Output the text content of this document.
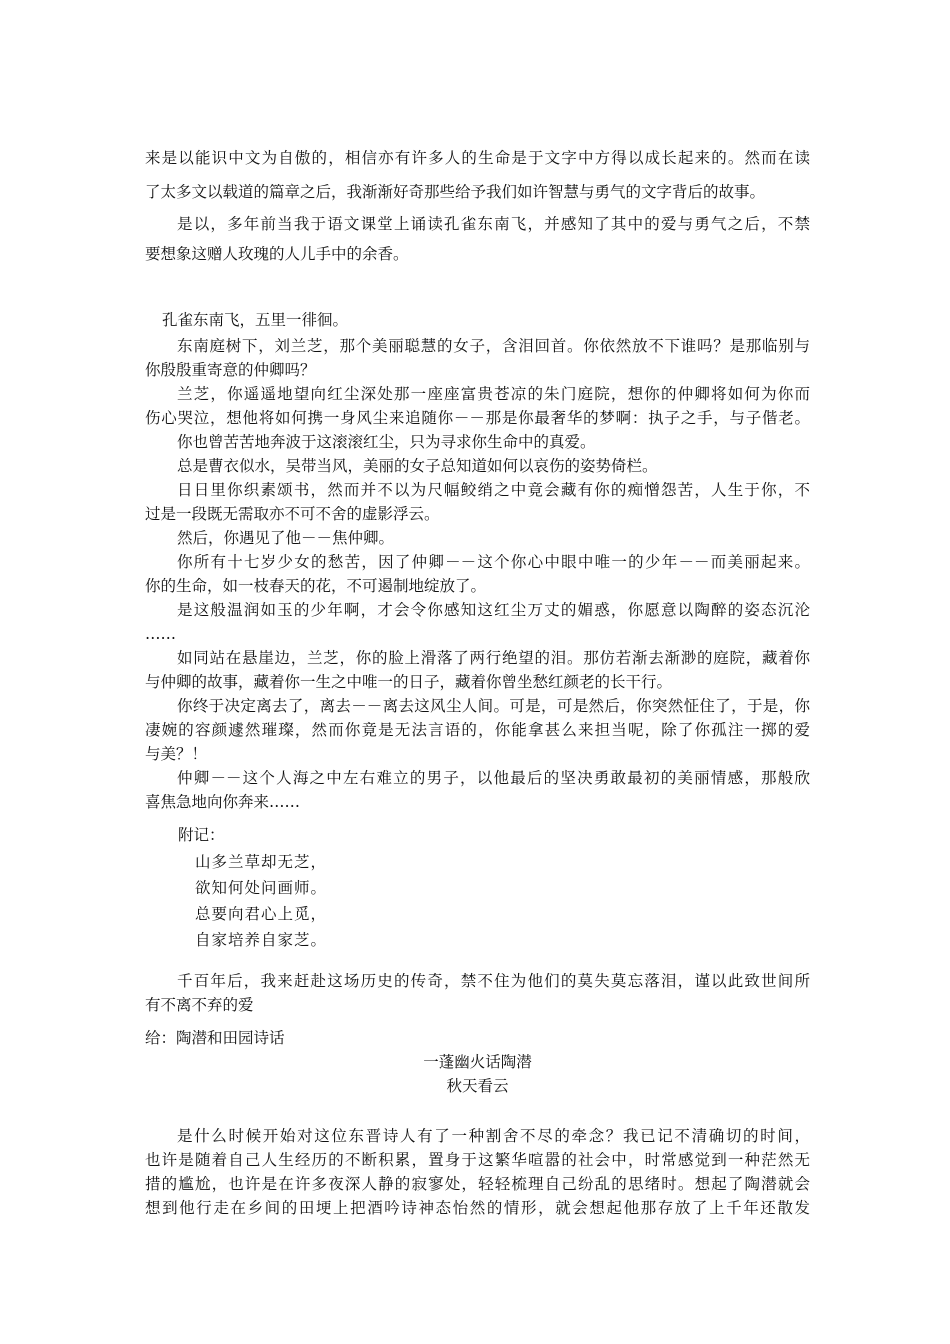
来是以能识中文为自傲的，相信亦有许多人的生命是于文字中方得以成长起来的。然而在读
了太多文以载道的篇章之后，我渐渐好奇那些给予我们如许智慧与勇气的文字背后的故事。
是以，多年前当我于语文课堂上诵读孔雀东南飞，并感知了其中的爱与勇气之后，不禁
要想象这赠人玫瑰的人儿手中的余香。
孔雀东南飞，五里一徘徊。
东南庭树下，刘兰芝，那个美丽聪慧的女子，含泪回首。你依然放不下谁吗？是那临别与
你殷殷重寄意的仲卿吗？
兰芝，你遥遥地望向红尘深处那一座座富贵苍凉的朱门庭院，想你的仲卿将如何为你而
伤心哭泣，想他将如何携一身风尘来追随你－－那是你最奢华的梦啊：执子之手，与子偕老。
你也曾苦苦地奔波于这滚滚红尘，只为寻求你生命中的真爱。
总是曹衣似水，吴带当风，美丽的女子总知道如何以哀伤的姿势倚栏。
日日里你织素颂书，然而并不以为尺幅鲛绡之中竟会藏有你的痴憎怨苦，人生于你，不
过是一段既无需取亦不可不舍的虚影浮云。
然后，你遇见了他－－焦仲卿。
你所有十七岁少女的愁苦，因了仲卿－－这个你心中眼中唯一的少年－－而美丽起来。
你的生命，如一枝春天的花，不可遏制地绽放了。
是这般温润如玉的少年啊，才会令你感知这红尘万丈的媚惑，你愿意以陶醉的姿态沉沦
……
如同站在悬崖边，兰芝，你的脸上滑落了两行绝望的泪。那仿若渐去渐渺的庭院，藏着你
与仲卿的故事，藏着你一生之中唯一的日子，藏着你曾坐愁红颜老的长干行。
你终于决定离去了，离去－－离去这风尘人间。可是，可是然后，你突然怔住了，于是，你
凄婉的容颜遽然璀璨，然而你竟是无法言语的，你能拿甚么来担当呢，除了你孤注一掷的爱
与美？！
仲卿－－这个人海之中左右难立的男子，以他最后的坚决勇敢最初的美丽情感，那般欣
喜焦急地向你奔来……
附记：
山多兰草却无芝，
欲知何处问画师。
总要向君心上觅，
自家培养自家芝。
千百年后，我来赶赴这场历史的传奇，禁不住为他们的莫失莫忘落泪，谨以此致世间所
有不离不弃的爱
给：陶潜和田园诗话
一蓬幽火话陶潜
秋天看云
是什么时候开始对这位东晋诗人有了一种割舍不尽的牵念？我已记不清确切的时间，
也许是随着自己人生经历的不断积累，置身于这繁华喧嚣的社会中，时常感觉到一种茫然无
措的尴尬，也许是在许多夜深人静的寂寥处，轻轻梳理自己纷乱的思绪时。想起了陶潜就会
想到他行走在乡间的田埂上把酒吟诗神态怡然的情形，就会想起他那存放了上千年还散发
